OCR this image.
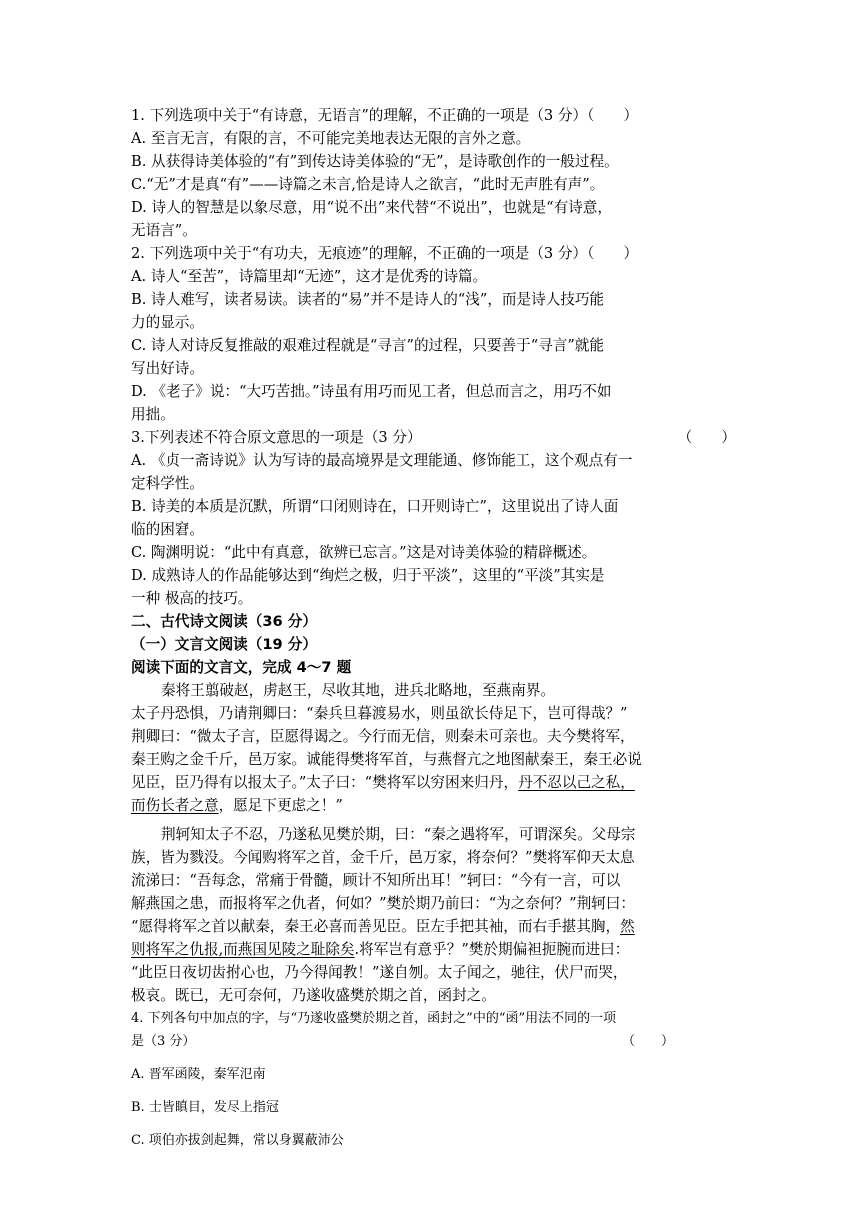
1. 下列选项中关于“有诗意，无语言”的理解，不正确的一项是（3 分）（　　）
A. 至言无言，有限的言，不可能完美地表达无限的言外之意。
B. 从获得诗美体验的“有”到传达诗美体验的“无”，是诗歌创作的一般过程。
C.“无”才是真“有”——诗篇之未言,恰是诗人之欲言，“此时无声胜有声”。
D. 诗人的智慧是以象尽意，用“说不出”来代替“不说出”，也就是“有诗意，
无语言”。
2. 下列选项中关于“有功夫，无痕迹”的理解，不正确的一项是（3 分）（　　）
A. 诗人“至苦”，诗篇里却“无迹”，这才是优秀的诗篇。
B. 诗人难写，读者易读。读者的“易”并不是诗人的“浅”，而是诗人技巧能
力的显示。
C. 诗人对诗反复推敲的艰难过程就是“寻言”的过程，只要善于“寻言”就能
写出好诗。
D. 《老子》说：“大巧苦拙。”诗虽有用巧而见工者，但总而言之，用巧不如
用拙。
3.下列表述不符合原文意思的一项是（3 分）	（　　）
A. 《贞一斋诗说》认为写诗的最高境界是文理能通、修饰能工，这个观点有一
定科学性。
B. 诗美的本质是沉默，所谓“口闭则诗在，口开则诗亡”，这里说出了诗人面
临的困窘。
C. 陶渊明说：“此中有真意，欲辨已忘言。”这是对诗美体验的精辟概述。
D. 成熟诗人的作品能够达到“绚烂之极，归于平淡”，这里的“平淡”其实是
一种 极高的技巧。
二、古代诗文阅读（36 分）
（一）文言文阅读（19 分）
阅读下面的文言文，完成 4～7 题
秦将王翦破赵，虏赵王，尽收其地，进兵北略地，至燕南界。
太子丹恐惧，乃请荆卿曰：“秦兵旦暮渡易水，则虽欲长侍足下，岂可得哉？”
荆卿曰：“微太子言，臣愿得谒之。今行而无信，则秦未可亲也。夫今樊将军，
秦王购之金千斤，邑万家。诚能得樊将军首，与燕督亢之地图献秦王，秦王必说
见臣，臣乃得有以报太子。”太子曰：“樊将军以穷困来归丹，丹不忍以己之私，
而伤长者之意，愿足下更虑之！”
荆轲知太子不忍，乃遂私见樊於期，曰：“秦之遇将军，可谓深矣。父母宗
族，皆为戮没。今闻购将军之首，金千斤，邑万家，将奈何？”樊将军仰天太息
流涕曰：“吾每念，常痛于骨髓，顾计不知所出耳！”轲曰：“今有一言，可以
解燕国之患，而报将军之仇者，何如？”樊於期乃前曰：“为之奈何？”荆轲曰：
“愿得将军之首以献秦，秦王必喜而善见臣。臣左手把其袖，而右手揕其胸，然
则将军之仇报,而燕国见陵之耻除矣.将军岂有意乎？”樊於期偏袒扼腕而进曰：
“此臣日夜切齿拊心也，乃今得闻教！”遂自刎。太子闻之，驰往，伏尸而哭，
极哀。既已，无可奈何，乃遂收盛樊於期之首，函封之。
4. 下列各句中加点的字，与“乃遂收盛樊於期之首，函封之”中的“函”用法不同的一项
是（3 分）	（　　）
A. 晋军函陵，秦军氾南
B. 士皆瞋目，发尽上指冠
C. 项伯亦拔剑起舞，常以身翼蔽沛公
